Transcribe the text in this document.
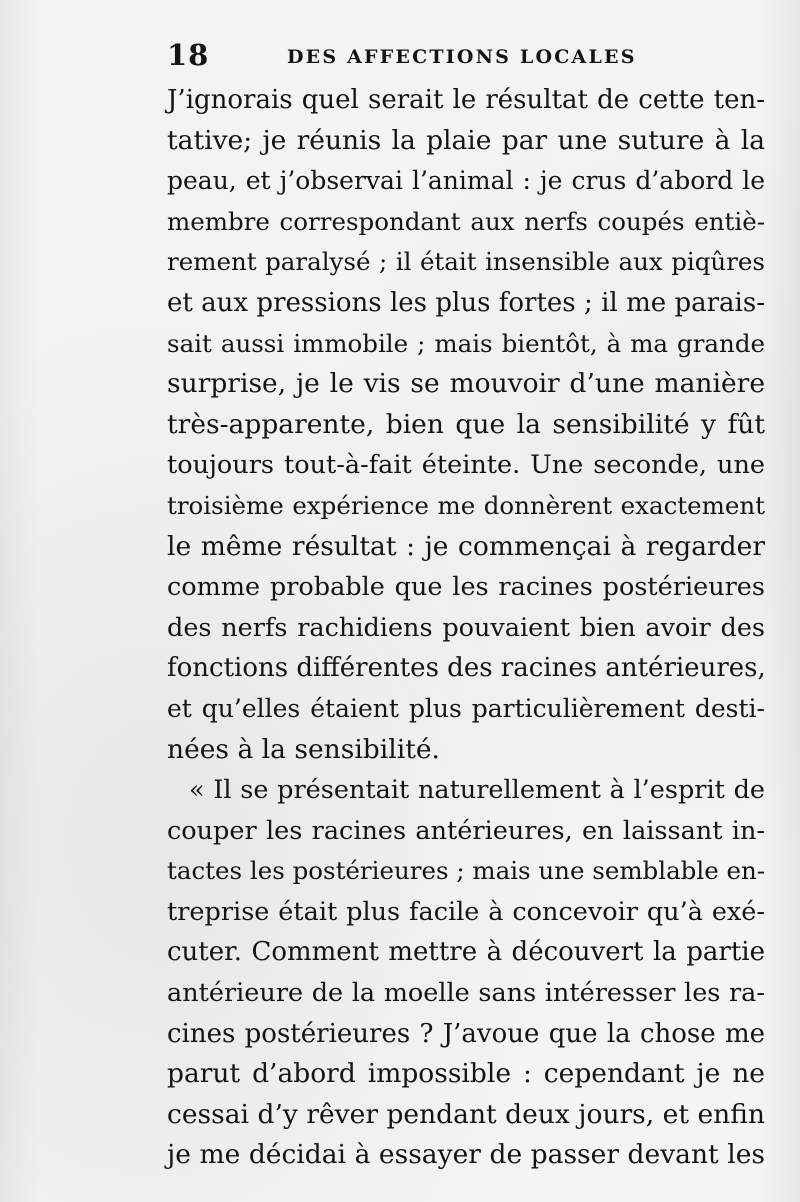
18	DES AFFECTIONS LOCALES
J’ignorais quel serait le résultat de cette ten-
tative; je réunis la plaie par une suture à la
peau, et j’observai l’animal : je crus d’abord le
membre correspondant aux nerfs coupés entiè-
rement paralysé ; il était insensible aux piqûres
et aux pressions les plus fortes ; il me parais-
sait aussi immobile ; mais bientôt, à ma grande
surprise, je le vis se mouvoir d’une manière
très-apparente, bien que la sensibilité y fût
toujours tout-à-fait éteinte. Une seconde, une
troisième expérience me donnèrent exactement
le même résultat : je commençai à regarder
comme probable que les racines postérieures
des nerfs rachidiens pouvaient bien avoir des
fonctions différentes des racines antérieures,
et qu’elles étaient plus particulièrement desti-
nées à la sensibilité.
« Il se présentait naturellement à l’esprit de
couper les racines antérieures, en laissant in-
tactes les postérieures ; mais une semblable en-
treprise était plus facile à concevoir qu’à exé-
cuter. Comment mettre à découvert la partie
antérieure de la moelle sans intéresser les ra-
cines postérieures ? J’avoue que la chose me
parut d’abord impossible : cependant je ne
cessai d’y rêver pendant deux jours, et enfin
je me décidai à essayer de passer devant les
